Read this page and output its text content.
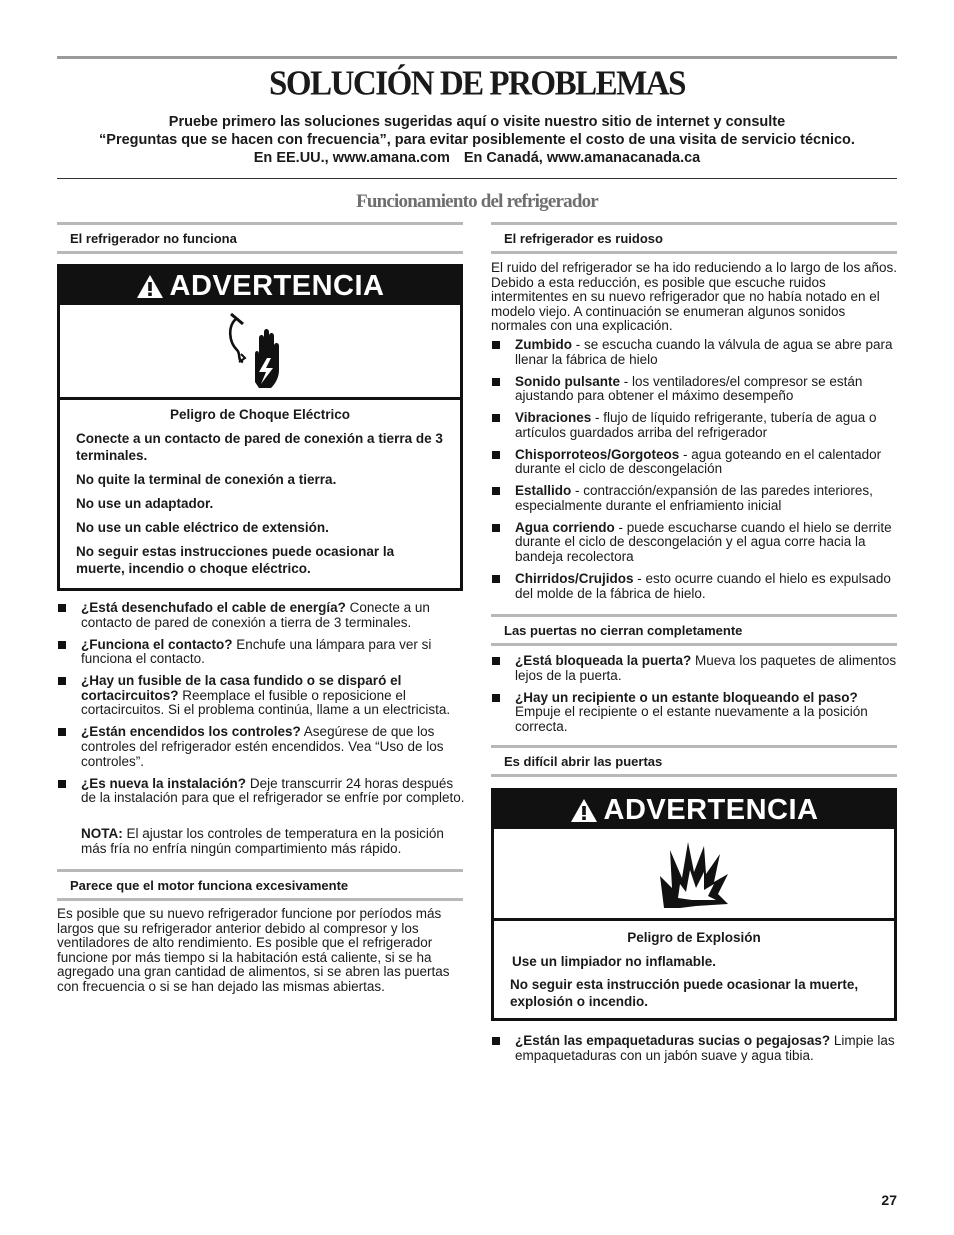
SOLUCIÓN DE PROBLEMAS
Pruebe primero las soluciones sugeridas aquí o visite nuestro sitio de internet y consulte
“Preguntas que se hacen con frecuencia”, para evitar posiblemente el costo de una visita de servicio técnico.
En EE.UU., www.amana.com En Canadá, www.amanacanada.ca
Funcionamiento del refrigerador
El refrigerador no funciona
ADVERTENCIA

Peligro de Choque Eléctrico

Conecte a un contacto de pared de conexión a tierra de 3 terminales.

No quite la terminal de conexión a tierra.

No use un adaptador.

No use un cable eléctrico de extensión.

No seguir estas instrucciones puede ocasionar la muerte, incendio o choque eléctrico.

¿Está desenchufado el cable de energía? Conecte a un contacto de pared de conexión a tierra de 3 terminales.
¿Funciona el contacto? Enchufe una lámpara para ver si funciona el contacto.
¿Hay un fusible de la casa fundido o se disparó el cortacircuitos? Reemplace el fusible o reposicione el cortacircuitos. Si el problema continúa, llame a un electricista.
¿Están encendidos los controles? Asegúrese de que los controles del refrigerador estén encendidos. Vea “Uso de los controles”.
¿Es nueva la instalación? Deje transcurrir 24 horas después de la instalación para que el refrigerador se enfríe por completo.
NOTA: El ajustar los controles de temperatura en la posición más fría no enfría ningún compartimiento más rápido.
Parece que el motor funciona excesivamente
Es posible que su nuevo refrigerador funcione por períodos más largos que su refrigerador anterior debido al compresor y los ventiladores de alto rendimiento. Es posible que el refrigerador funcione por más tiempo si la habitación está caliente, si se ha agregado una gran cantidad de alimentos, si se abren las puertas con frecuencia o si se han dejado las mismas abiertas.
El refrigerador es ruidoso
El ruido del refrigerador se ha ido reduciendo a lo largo de los años. Debido a esta reducción, es posible que escuche ruidos intermitentes en su nuevo refrigerador que no había notado en el modelo viejo. A continuación se enumeran algunos sonidos normales con una explicación.
Zumbido - se escucha cuando la válvula de agua se abre para llenar la fábrica de hielo
Sonido pulsante - los ventiladores/el compresor se están ajustando para obtener el máximo desempeño
Vibraciones - flujo de líquido refrigerante, tubería de agua o artículos guardados arriba del refrigerador
Chisporroteos/Gorgoteos - agua goteando en el calentador durante el ciclo de descongelación
Estallido - contracción/expansión de las paredes interiores, especialmente durante el enfriamiento inicial
Agua corriendo - puede escucharse cuando el hielo se derrite durante el ciclo de descongelación y el agua corre hacia la bandeja recolectora
Chirridos/Crujidos - esto ocurre cuando el hielo es expulsado del molde de la fábrica de hielo.
Las puertas no cierran completamente
¿Está bloqueada la puerta? Mueva los paquetes de alimentos lejos de la puerta.
¿Hay un recipiente o un estante bloqueando el paso? Empuje el recipiente o el estante nuevamente a la posición correcta.
Es difícil abrir las puertas
ADVERTENCIA

Peligro de Explosión

Use un limpiador no inflamable.

No seguir esta instrucción puede ocasionar la muerte, explosión o incendio.

¿Están las empaquetaduras sucias o pegajosas? Limpie las empaquetaduras con un jabón suave y agua tibia.
27
